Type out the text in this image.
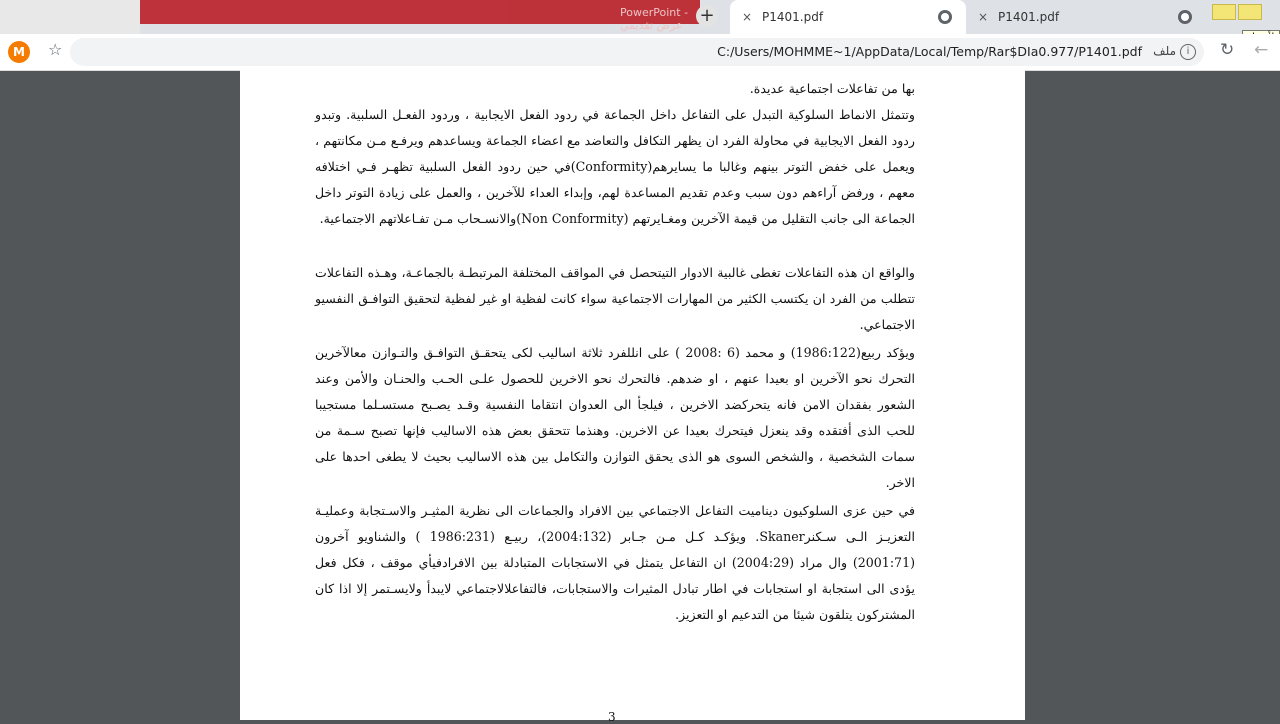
PowerPoint - عرض تقديمي +	× P1401.pdf	× P1401.pdf
M	☆	C:/Users/MOHMME~1/AppData/Local/Temp/Rar$DIa0.977/P1401.pdf ملف	i	↻ ←
بها من تفاعلات اجتماعية عديدة.
وتتمثل الانماط السلوكية التبدل على التفاعل داخل الجماعة في ردود الفعل الايجابية ، وردود الفعـل السلبية. وتبدو ردود الفعل الايجابية في محاولة الفرد ان يظهر التكافل والتعاضد مع اعضاء الجماعة ويساعدهم ويرفـع مـن مكانتهم ، ويعمل على خفض التوتر بينهم وغالبا ما يسايرهم(Conformity)في حين ردود الفعل السلبية تظهـر فـي اختلافه معهم ، ورفض آراءهم دون سبب وعدم تقديم المساعدة لهم، وإبداء العداء للآخرين ، والعمل على زيادة التوتر داخل الجماعة الى جانب التقليل من قيمة الآخرين ومغـايرتهم (Non Conformity)والانسـحاب مـن تفـاعلاتهم الاجتماعية.
والواقع ان هذه التفاعلات تغطى غالبية الادوار التيتحصل في المواقف المختلفة المرتبطـة بالجماعـة، وهـذه التفاعلات تتطلب من الفرد ان يكتسب الكثير من المهارات الاجتماعية سواء كانت لفظية او غير لفظية لتحقيق التوافـق النفسيو الاجتماعي.
ويؤكد ربيع(1986:122) و محمد (6 :2008 ) على انللفرد ثلاثة اساليب لكى يتحقـق التوافـق والتـوازن معالآخرين التحرك نحو الآخرين او بعيدا عنهم ، او ضدهم. فالتحرك نحو الاخرين للحصول علـى الحـب والحنـان والأمن وعند الشعور بفقدان الامن فانه يتحركضد الاخرين ، فيلجأ الى العدوان انتقاما النفسية وقـد يصـبح مستسـلما مستجيبا للحب الذى أفتقده وقد ينعزل فيتحرك بعيدا عن الاخرين. وهنذما تتحقق بعض هذه الاساليب فإنها تصبح سـمة من سمات الشخصية ، والشخص السوى هو الذى يحقق التوازن والتكامل بين هذه الاساليب بحيث لا يطغى احدها على الاخر.
في حين عزى السلوكيون ديناميت التفاعل الاجتماعي بين الافراد والجماعات الى نظرية المثيـر والاسـتجابة وعمليـة التعزيـز الـى سـكنرSkaner. ويؤكـد كـل مـن جـابر (2004:132)، ربيـع (1986:231 ) والشناويو آخرون (2001:71) وال مراد (2004:29) ان التفاعل يتمثل في الاستجابات المتبادلة بين الافرادفيأي موقف ، فكل فعل يؤدى الى استجابة او استجابات في اطار تبادل المثيرات والاستجابات، فالتفاعلالاجتماعي لايبدأ ولايسـتمر إلا اذا كان المشتركون يتلقون شيئا من التدعيم او التعزيز.
3
